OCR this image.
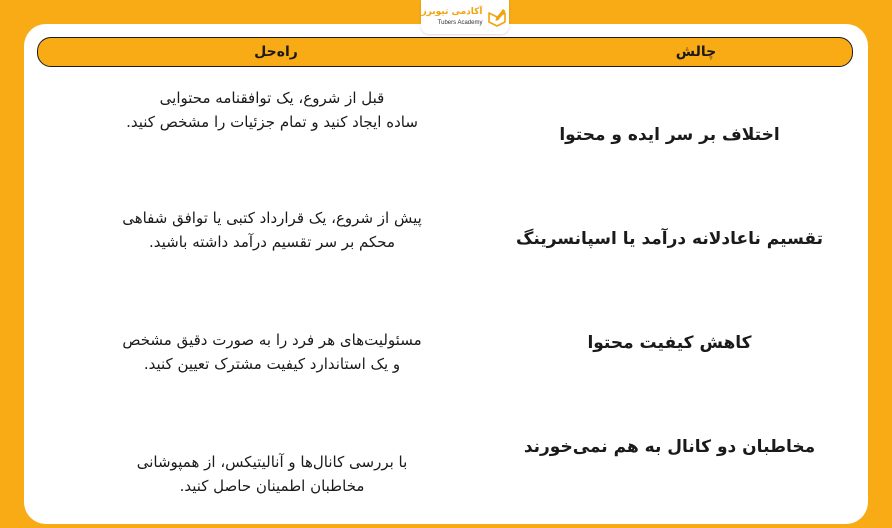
آکادمی تیوبرز
Tubers Academy
چالش
راه‌حل
اختلاف بر سر ایده و محتوا

قبل از شروع، یک توافقنامه محتوایی

ساده ایجاد کنید و تمام جزئیات را مشخص کنید.

تقسیم ناعادلانه درآمد یا اسپانسرینگ

پیش از شروع، یک قرارداد کتبی یا توافق شفاهی

محکم بر سر تقسیم درآمد داشته باشید.

کاهش کیفیت محتوا

مسئولیت‌های هر فرد را به صورت دقیق مشخص

و یک استاندارد کیفیت مشترک تعیین کنید.

مخاطبان دو کانال به هم نمی‌خورند

با بررسی کانال‌ها و آنالیتیکس، از همپوشانی

مخاطبان اطمینان حاصل کنید.
